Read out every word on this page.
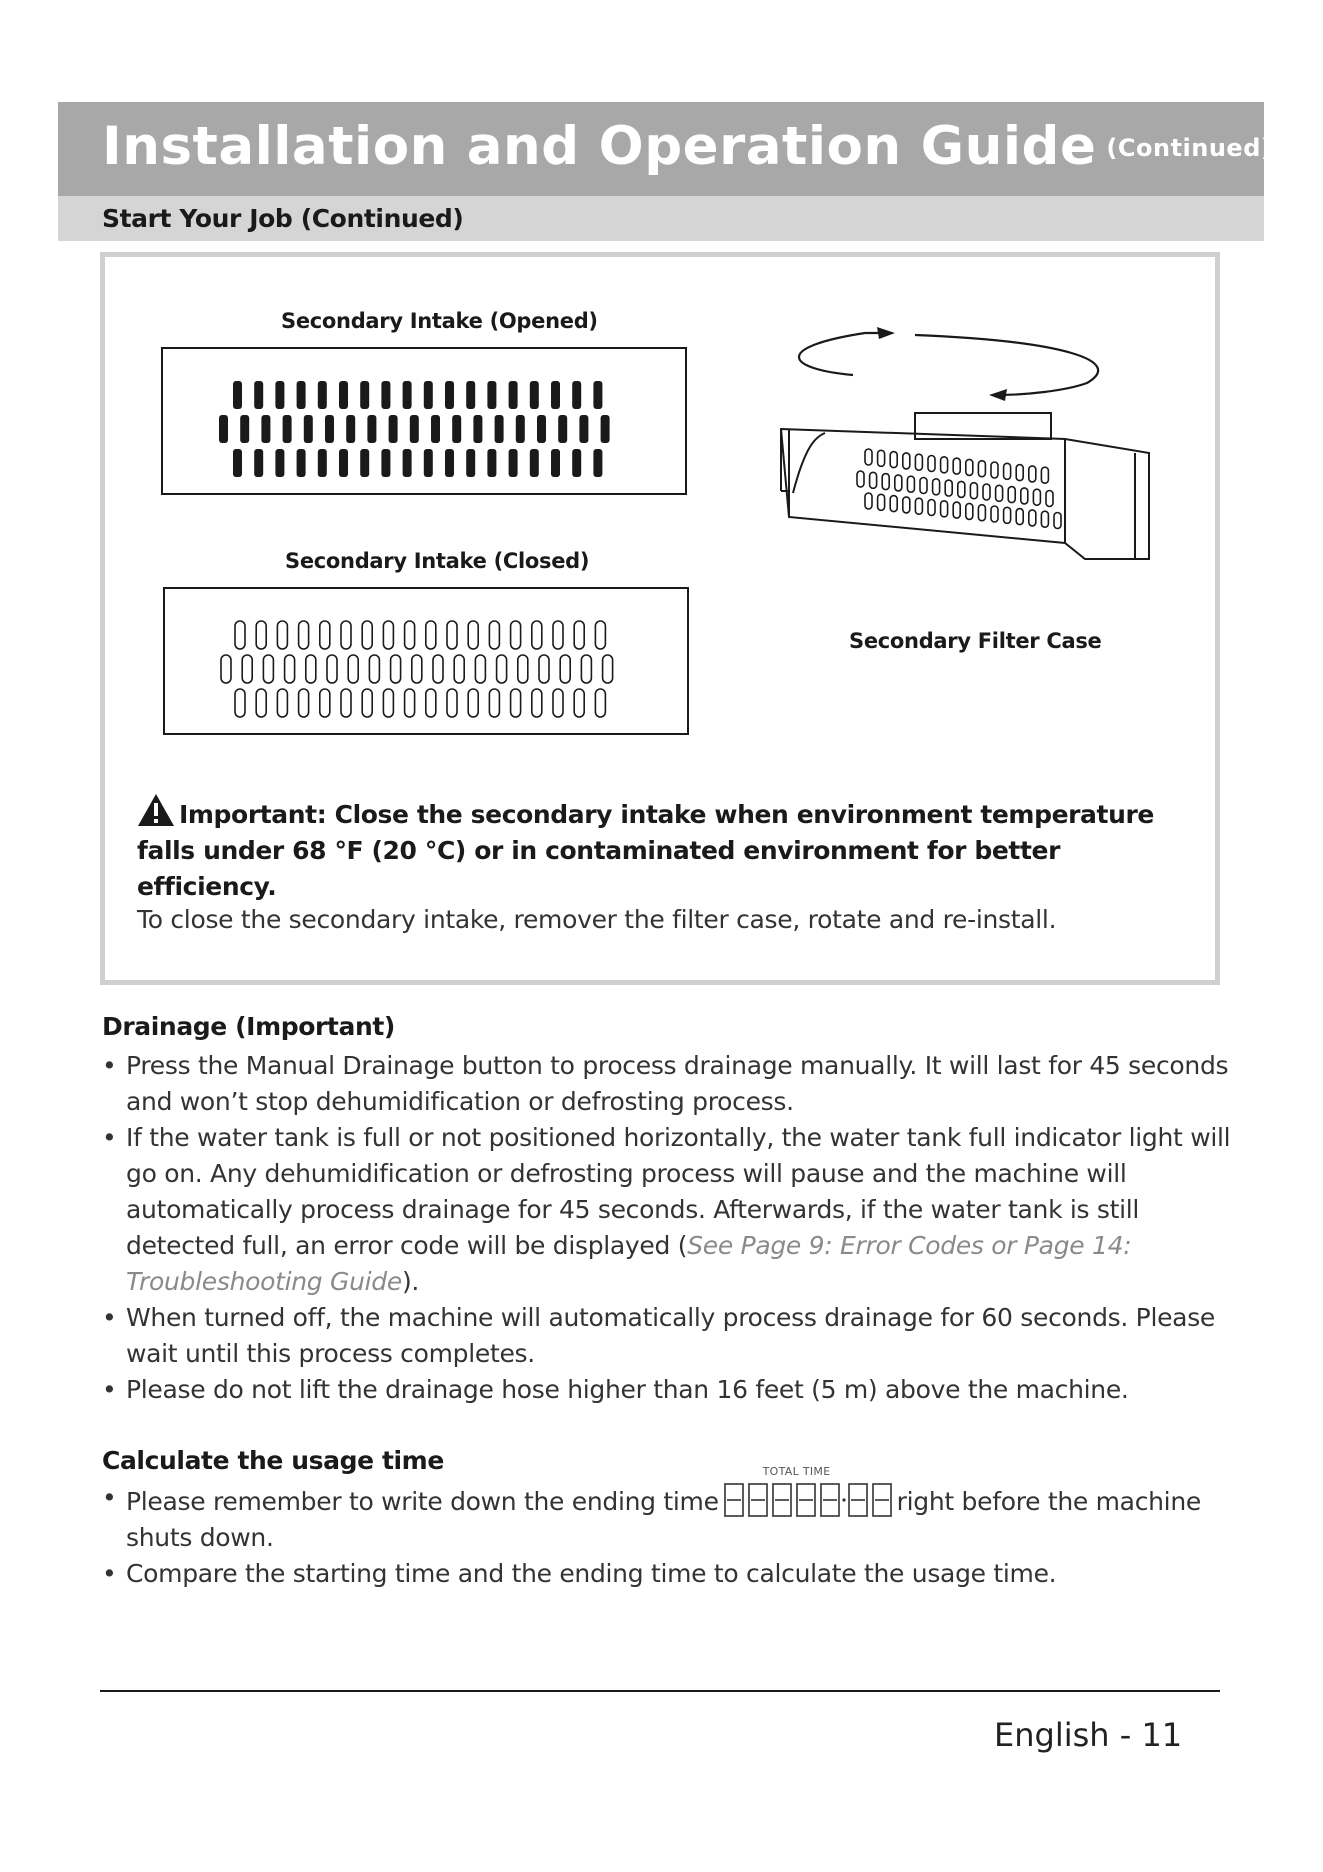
Installation and Operation Guide (Continued)
Start Your Job (Continued)
Secondary Intake (Opened)
Secondary Intake (Closed)
Secondary Filter Case
Important: Close the secondary intake when environment temperature falls under 68 °F (20 °C) or in contaminated environment for better efficiency.
To close the secondary intake, remover the filter case, rotate and re-install.
Drainage (Important)
• Press the Manual Drainage button to process drainage manually. It will last for 45 seconds and won’t stop dehumidification or defrosting process.
• If the water tank is full or not positioned horizontally, the water tank full indicator light will go on. Any dehumidification or defrosting process will pause and the machine will automatically process drainage for 45 seconds. Afterwards, if the water tank is still detected full, an error code will be displayed (See Page 9: Error Codes or Page 14: Troubleshooting Guide).
• When turned off, the machine will automatically process drainage for 60 seconds. Please wait until this process completes.
• Please do not lift the drainage hose higher than 16 feet (5 m) above the machine.
Calculate the usage time
• Please remember to write down the ending time
TOTAL TIME
right before the machine shuts down.
• Compare the starting time and the ending time to calculate the usage time.
English - 11
